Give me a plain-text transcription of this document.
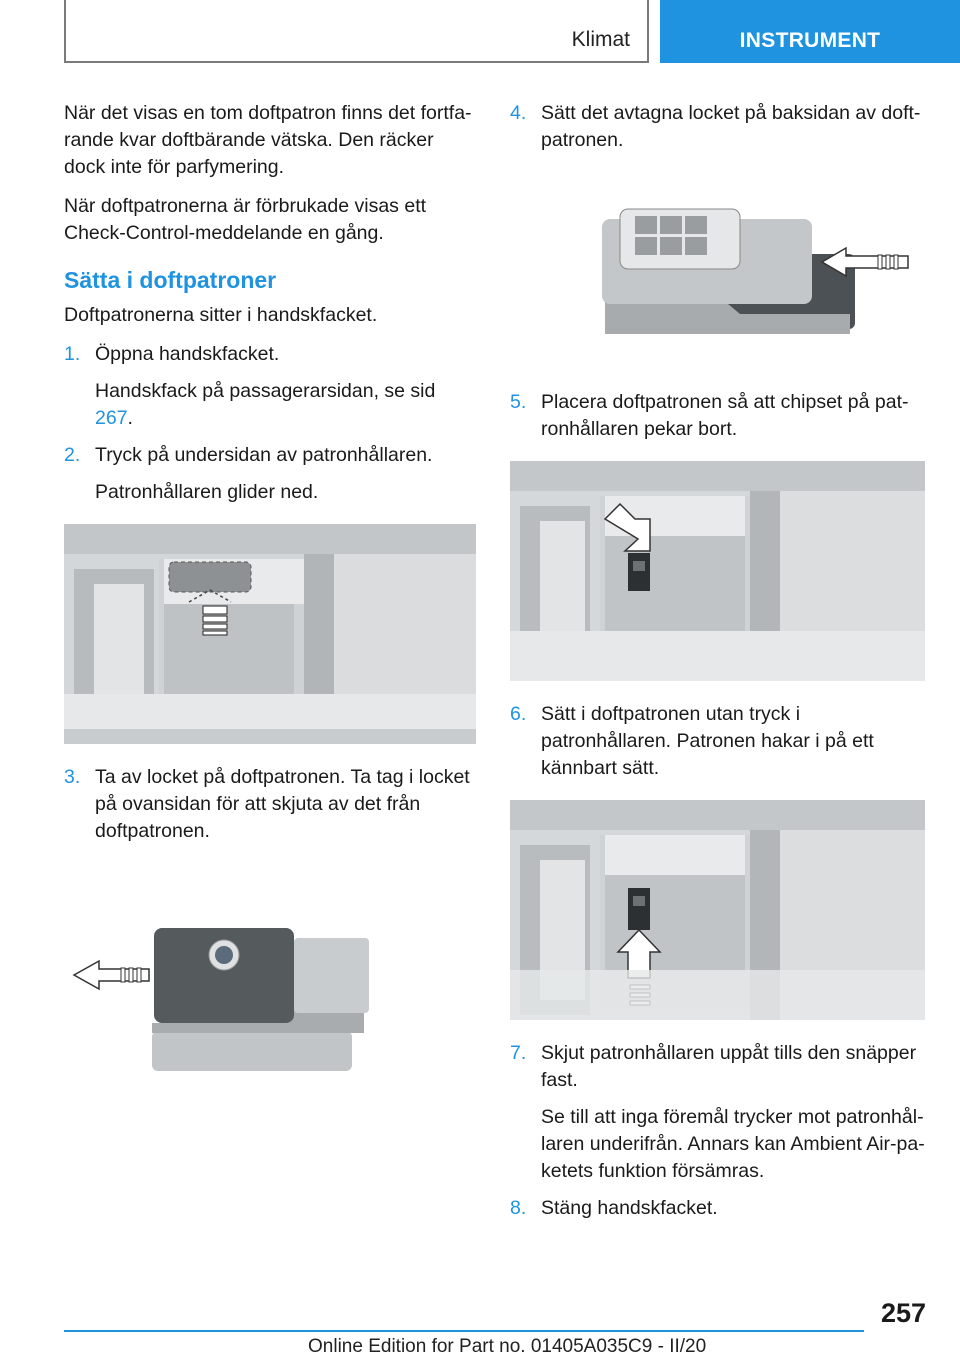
Klimat	INSTRUMENT

När det visas en tom doftpatron finns det fortfarande kvar doftbärande vätska. Den räcker dock inte för parfymering.

När doftpatronerna är förbrukade visas ett Check-Control-meddelande en gång.

Sätta i doftpatroner

Doftpatronerna sitter i handskfacket.

1. Öppna handskfacket.
Handskfack på passagerarsidan, se sid 267.
2. Tryck på undersidan av patronhållaren.
Patronhållaren glider ned.
3. Ta av locket på doftpatronen. Ta tag i locket på ovansidan för att skjuta av det från doftpatronen.
4. Sätt det avtagna locket på baksidan av doftpatronen.
5. Placera doftpatronen så att chipset på patronhållaren pekar bort.
6. Sätt i doftpatronen utan tryck i patronhållaren. Patronen hakar i på ett kännbart sätt.
7. Skjut patronhållaren uppåt tills den snäpper fast.
Se till att inga föremål trycker mot patronhållaren underifrån. Annars kan Ambient Air-paketets funktion försämras.
8. Stäng handskfacket.
257
Online Edition for Part no. 01405A035C9 - II/20
